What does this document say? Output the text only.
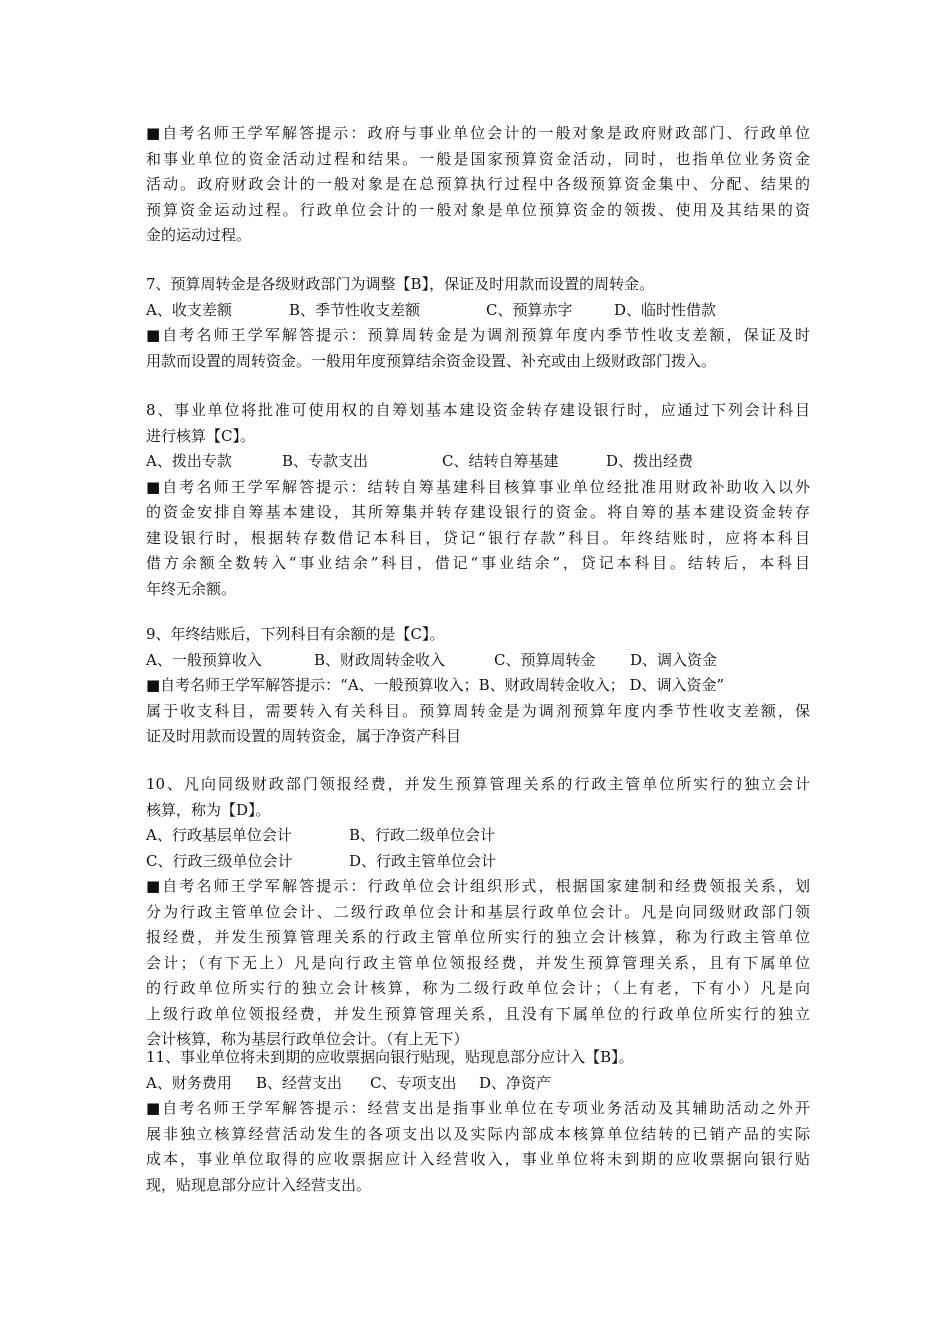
■自考名师王学军解答提示：政府与事业单位会计的一般对象是政府财政部门、行政单位
和事业单位的资金活动过程和结果。一般是国家预算资金活动，同时，也指单位业务资金
活动。政府财政会计的一般对象是在总预算执行过程中各级预算资金集中、分配、结果的
预算资金运动过程。行政单位会计的一般对象是单位预算资金的领拨、使用及其结果的资
金的运动过程。
7、预算周转金是各级财政部门为调整【B】，保证及时用款而设置的周转金。
A、收支差额	B、季节性收支差额	C、预算赤字	D、临时性借款
■自考名师王学军解答提示：预算周转金是为调剂预算年度内季节性收支差额，保证及时
用款而设置的周转资金。一般用年度预算结余资金设置、补充或由上级财政部门拨入。
8、事业单位将批准可使用权的自筹划基本建设资金转存建设银行时，应通过下列会计科目
进行核算【C】。
A、拨出专款	B、专款支出	C、结转自筹基建	D、拨出经费
■自考名师王学军解答提示：结转自筹基建科目核算事业单位经批准用财政补助收入以外
的资金安排自筹基本建设，其所筹集并转存建设银行的资金。将自筹的基本建设资金转存
建设银行时，根据转存数借记本科目，贷记“银行存款”科目。年终结账时，应将本科目
借方余额全数转入“事业结余”科目，借记“事业结余”，贷记本科目。结转后，本科目
年终无余额。
9、年终结账后，下列科目有余额的是【C】。
A、一般预算收入	B、财政周转金收入	C、预算周转金 D、调入资金
■自考名师王学军解答提示：“A、一般预算收入；B、财政周转金收入； D、调入资金”
属于收支科目，需要转入有关科目。预算周转金是为调剂预算年度内季节性收支差额，保
证及时用款而设置的周转资金，属于净资产科目
10、凡向同级财政部门领报经费，并发生预算管理关系的行政主管单位所实行的独立会计
核算，称为【D】。
A、行政基层单位会计	B、行政二级单位会计
C、行政三级单位会计	D、行政主管单位会计
■自考名师王学军解答提示：行政单位会计组织形式，根据国家建制和经费领报关系，划
分为行政主管单位会计、二级行政单位会计和基层行政单位会计。凡是向同级财政部门领
报经费，并发生预算管理关系的行政主管单位所实行的独立会计核算，称为行政主管单位
会计；（有下无上）凡是向行政主管单位领报经费，并发生预算管理关系，且有下属单位
的行政单位所实行的独立会计核算，称为二级行政单位会计；（上有老，下有小）凡是向
上级行政单位领报经费，并发生预算管理关系，且没有下属单位的行政单位所实行的独立
会计核算，称为基层行政单位会计。（有上无下）
11、事业单位将未到期的应收票据向银行贴现，贴现息部分应计入【B】。
A、财务费用 B、经营支出 C、专项支出 D、净资产
■自考名师王学军解答提示：经营支出是指事业单位在专项业务活动及其辅助活动之外开
展非独立核算经营活动发生的各项支出以及实际内部成本核算单位结转的已销产品的实际
成本，事业单位取得的应收票据应计入经营收入，事业单位将未到期的应收票据向银行贴
现，贴现息部分应计入经营支出。
